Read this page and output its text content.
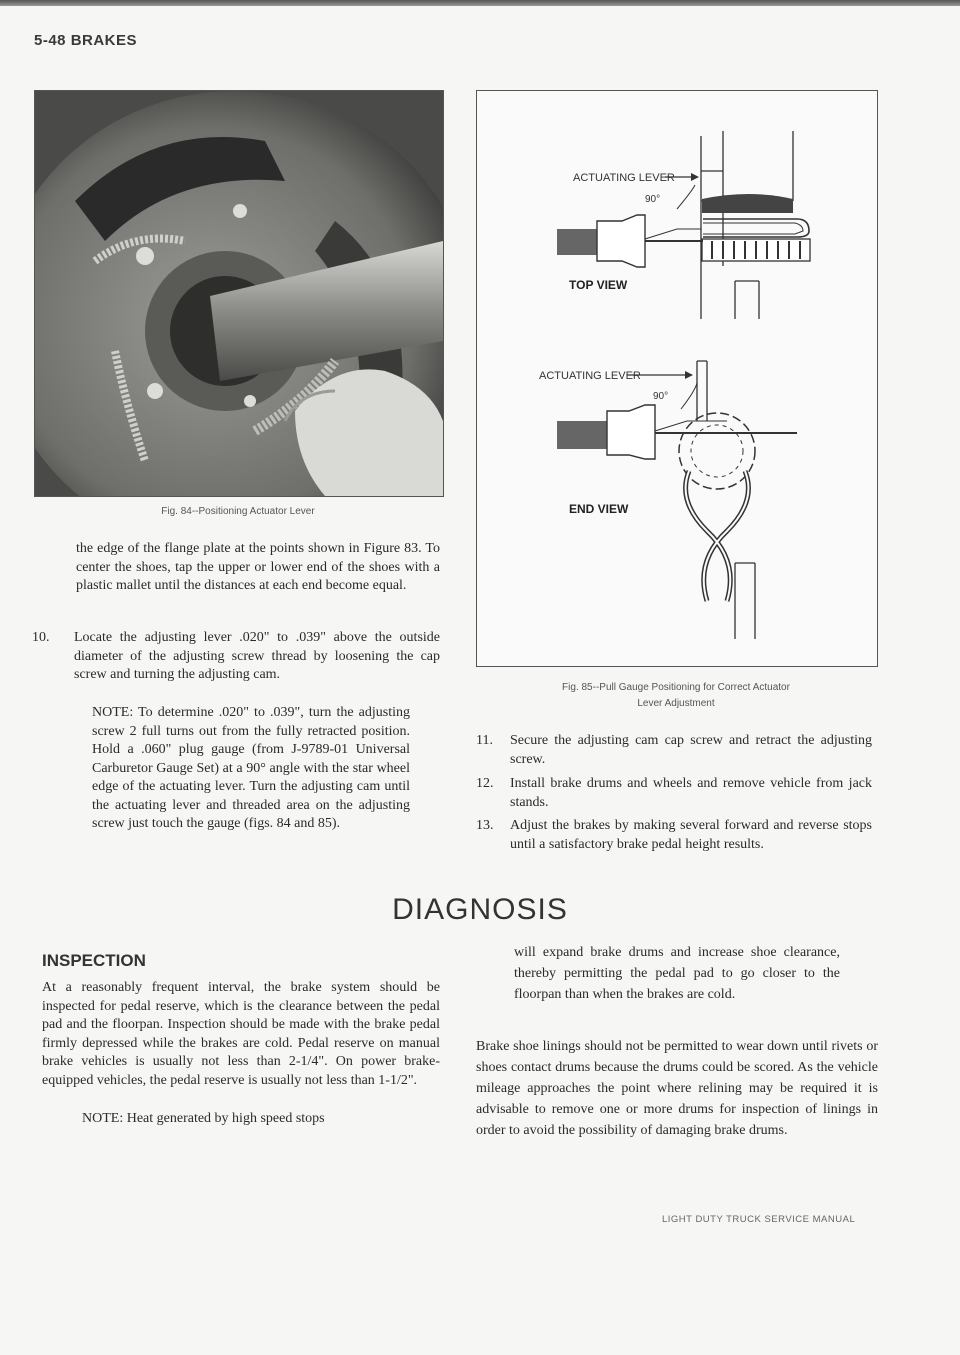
5-48 BRAKES
Fig. 84--Positioning Actuator Lever
ACTUATING LEVER
90°
TOP VIEW
ACTUATING LEVER
90°
END VIEW
Fig. 85--Pull Gauge Positioning for Correct Actuator
Lever Adjustment

the edge of the flange plate at the points shown in Figure 83. To center the shoes, tap the upper or lower end of the shoes with a plastic mallet until the distances at each end become equal.

10.	Locate the adjusting lever .020" to .039" above the outside diameter of the adjusting screw thread by loosening the cap screw and turning the adjusting cam.

NOTE: To determine .020" to .039", turn the adjusting screw 2 full turns out from the fully retracted position. Hold a .060" plug gauge (from J-9789-01 Universal Carburetor Gauge Set) at a 90° angle with the star wheel edge of the actuating lever. Turn the adjusting cam until the actuating lever and threaded area on the adjusting screw just touch the gauge (figs. 84 and 85).

11.	Secure the adjusting cam cap screw and retract the adjusting screw.
12.	Install brake drums and wheels and remove vehicle from jack stands.
13.	Adjust the brakes by making several forward and reverse stops until a satisfactory brake pedal height results.
DIAGNOSIS
INSPECTION

At a reasonably frequent interval, the brake system should be inspected for pedal reserve, which is the clearance between the pedal pad and the floorpan. Inspection should be made with the brake pedal firmly depressed while the brakes are cold. Pedal reserve on manual brake vehicles is usually not less than 2-1/4". On power brake-equipped vehicles, the pedal reserve is usually not less than 1-1/2".

NOTE: Heat generated by high speed stops

will expand brake drums and increase shoe clearance, thereby permitting the pedal pad to go closer to the floorpan than when the brakes are cold.

Brake shoe linings should not be permitted to wear down until rivets or shoes contact drums because the drums could be scored. As the vehicle mileage approaches the point where relining may be required it is advisable to remove one or more drums for inspection of linings in order to avoid the possibility of damaging brake drums.

LIGHT DUTY TRUCK SERVICE MANUAL
